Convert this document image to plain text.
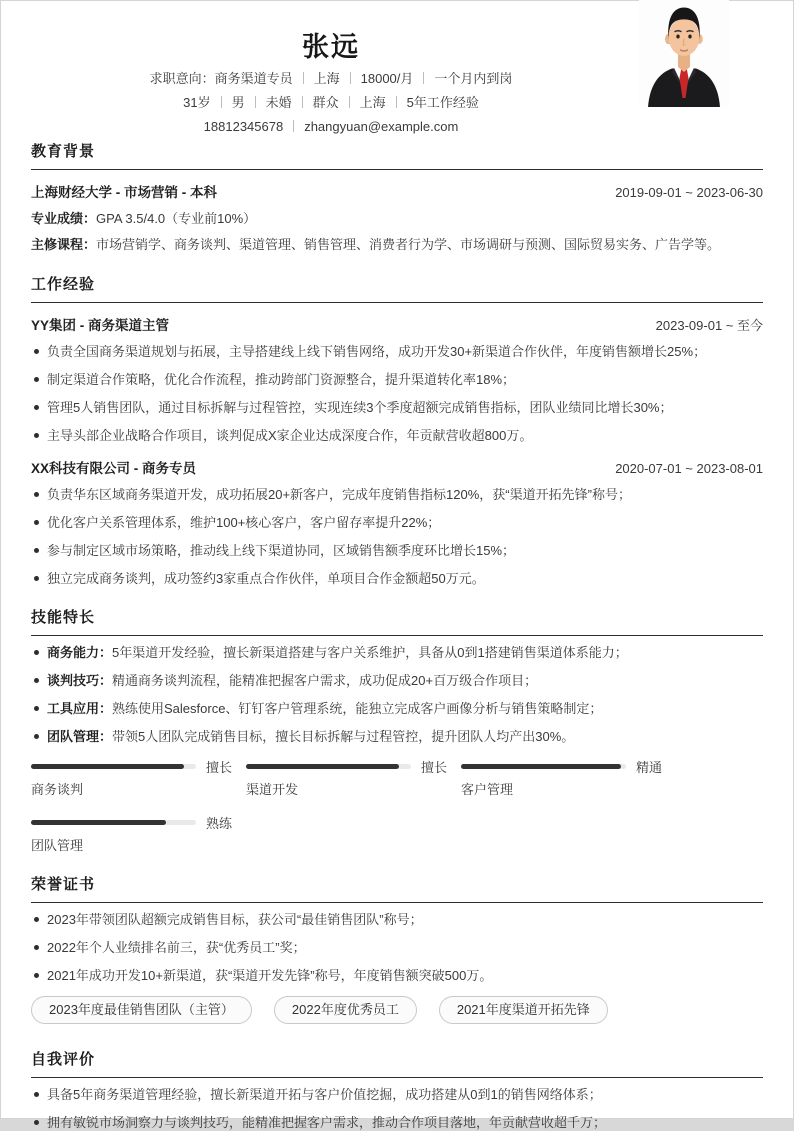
张远
求职意向：商务渠道专员 上海 18000/月 一个月内到岗
31岁 男 未婚 群众 上海 5年工作经验
18812345678 zhangyuan@example.com
教育背景
上海财经大学 - 市场营销 - 本科	2019-09-01 ~ 2023-06-30

专业成绩：GPA 3.5/4.0（专业前10%）

主修课程：市场营销学、商务谈判、渠道管理、销售管理、消费者行为学、市场调研与预测、国际贸易实务、广告学等。

工作经验
YY集团 - 商务渠道主管	2023-09-01 ~ 至今
负责全国商务渠道规划与拓展，主导搭建线上线下销售网络，成功开发30+新渠道合作伙伴，年度销售额增长25%；
制定渠道合作策略，优化合作流程，推动跨部门资源整合，提升渠道转化率18%；
管理5人销售团队，通过目标拆解与过程管控，实现连续3个季度超额完成销售指标，团队业绩同比增长30%；
主导头部企业战略合作项目，谈判促成X家企业达成深度合作，年贡献营收超800万。
XX科技有限公司 - 商务专员	2020-07-01 ~ 2023-08-01
负责华东区域商务渠道开发，成功拓展20+新客户，完成年度销售指标120%，获“渠道开拓先锋”称号；
优化客户关系管理体系，维护100+核心客户，客户留存率提升22%；
参与制定区域市场策略，推动线上线下渠道协同，区域销售额季度环比增长15%；
独立完成商务谈判，成功签约3家重点合作伙伴，单项目合作金额超50万元。
技能特长
商务能力：5年渠道开发经验，擅长新渠道搭建与客户关系维护，具备从0到1搭建销售渠道体系能力；
谈判技巧：精通商务谈判流程，能精准把握客户需求，成功促成20+百万级合作项目；
工具应用：熟练使用Salesforce、钉钉客户管理系统，能独立完成客户画像分析与销售策略制定；
团队管理：带领5人团队完成销售目标，擅长目标拆解与过程管控，提升团队人均产出30%。
擅长
商务谈判
擅长
渠道开发
精通
客户管理
熟练
团队管理
荣誉证书
2023年带领团队超额完成销售目标，获公司“最佳销售团队”称号；
2022年个人业绩排名前三，获“优秀员工”奖；
2021年成功开发10+新渠道，获“渠道开发先锋”称号，年度销售额突破500万。
2023年度最佳销售团队（主管）	2022年度优秀员工	2021年度渠道开拓先锋
自我评价
具备5年商务渠道管理经验，擅长新渠道开拓与客户价值挖掘，成功搭建从0到1的销售网络体系；
拥有敏锐市场洞察力与谈判技巧，能精准把握客户需求，推动合作项目落地，年贡献营收超千万；
